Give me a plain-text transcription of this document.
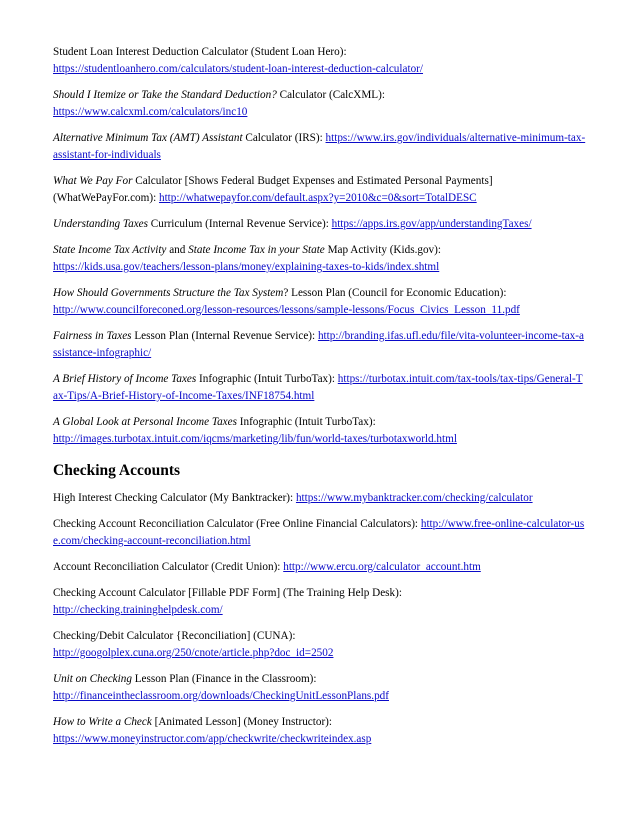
Student Loan Interest Deduction Calculator (Student Loan Hero):
https://studentloanhero.com/calculators/student-loan-interest-deduction-calculator/

Should I Itemize or Take the Standard Deduction? Calculator (CalcXML):
https://www.calcxml.com/calculators/inc10

Alternative Minimum Tax (AMT) Assistant Calculator (IRS): https://www.irs.gov/individuals/alternative-minimum-tax-assistant-for-individuals

What We Pay For Calculator [Shows Federal Budget Expenses and Estimated Personal Payments] (WhatWePayFor.com): http://whatwepayfor.com/default.aspx?y=2010&c=0&sort=TotalDESC

Understanding Taxes Curriculum (Internal Revenue Service): https://apps.irs.gov/app/understandingTaxes/

State Income Tax Activity and State Income Tax in your State Map Activity (Kids.gov):
https://kids.usa.gov/teachers/lesson-plans/money/explaining-taxes-to-kids/index.shtml

How Should Governments Structure the Tax System? Lesson Plan (Council for Economic Education):
http://www.councilforeconed.org/lesson-resources/lessons/sample-lessons/Focus_Civics_Lesson_11.pdf

Fairness in Taxes Lesson Plan (Internal Revenue Service): http://branding.ifas.ufl.edu/file/vita-volunteer-income-tax-assistance-infographic/

A Brief History of Income Taxes Infographic (Intuit TurboTax): https://turbotax.intuit.com/tax-tools/tax-tips/General-Tax-Tips/A-Brief-History-of-Income-Taxes/INF18754.html

A Global Look at Personal Income Taxes Infographic (Intuit TurboTax):
http://images.turbotax.intuit.com/iqcms/marketing/lib/fun/world-taxes/turbotaxworld.html

Checking Accounts

High Interest Checking Calculator (My Banktracker): https://www.mybanktracker.com/checking/calculator

Checking Account Reconciliation Calculator (Free Online Financial Calculators): http://www.free-online-calculator-use.com/checking-account-reconciliation.html

Account Reconciliation Calculator (Credit Union): http://www.ercu.org/calculator_account.htm

Checking Account Calculator [Fillable PDF Form] (The Training Help Desk):
http://checking.traininghelpdesk.com/

Checking/Debit Calculator {Reconciliation] (CUNA):
http://googolplex.cuna.org/250/cnote/article.php?doc_id=2502

Unit on Checking Lesson Plan (Finance in the Classroom):
http://financeintheclassroom.org/downloads/CheckingUnitLessonPlans.pdf

How to Write a Check [Animated Lesson] (Money Instructor):
https://www.moneyinstructor.com/app/checkwrite/checkwriteindex.asp
